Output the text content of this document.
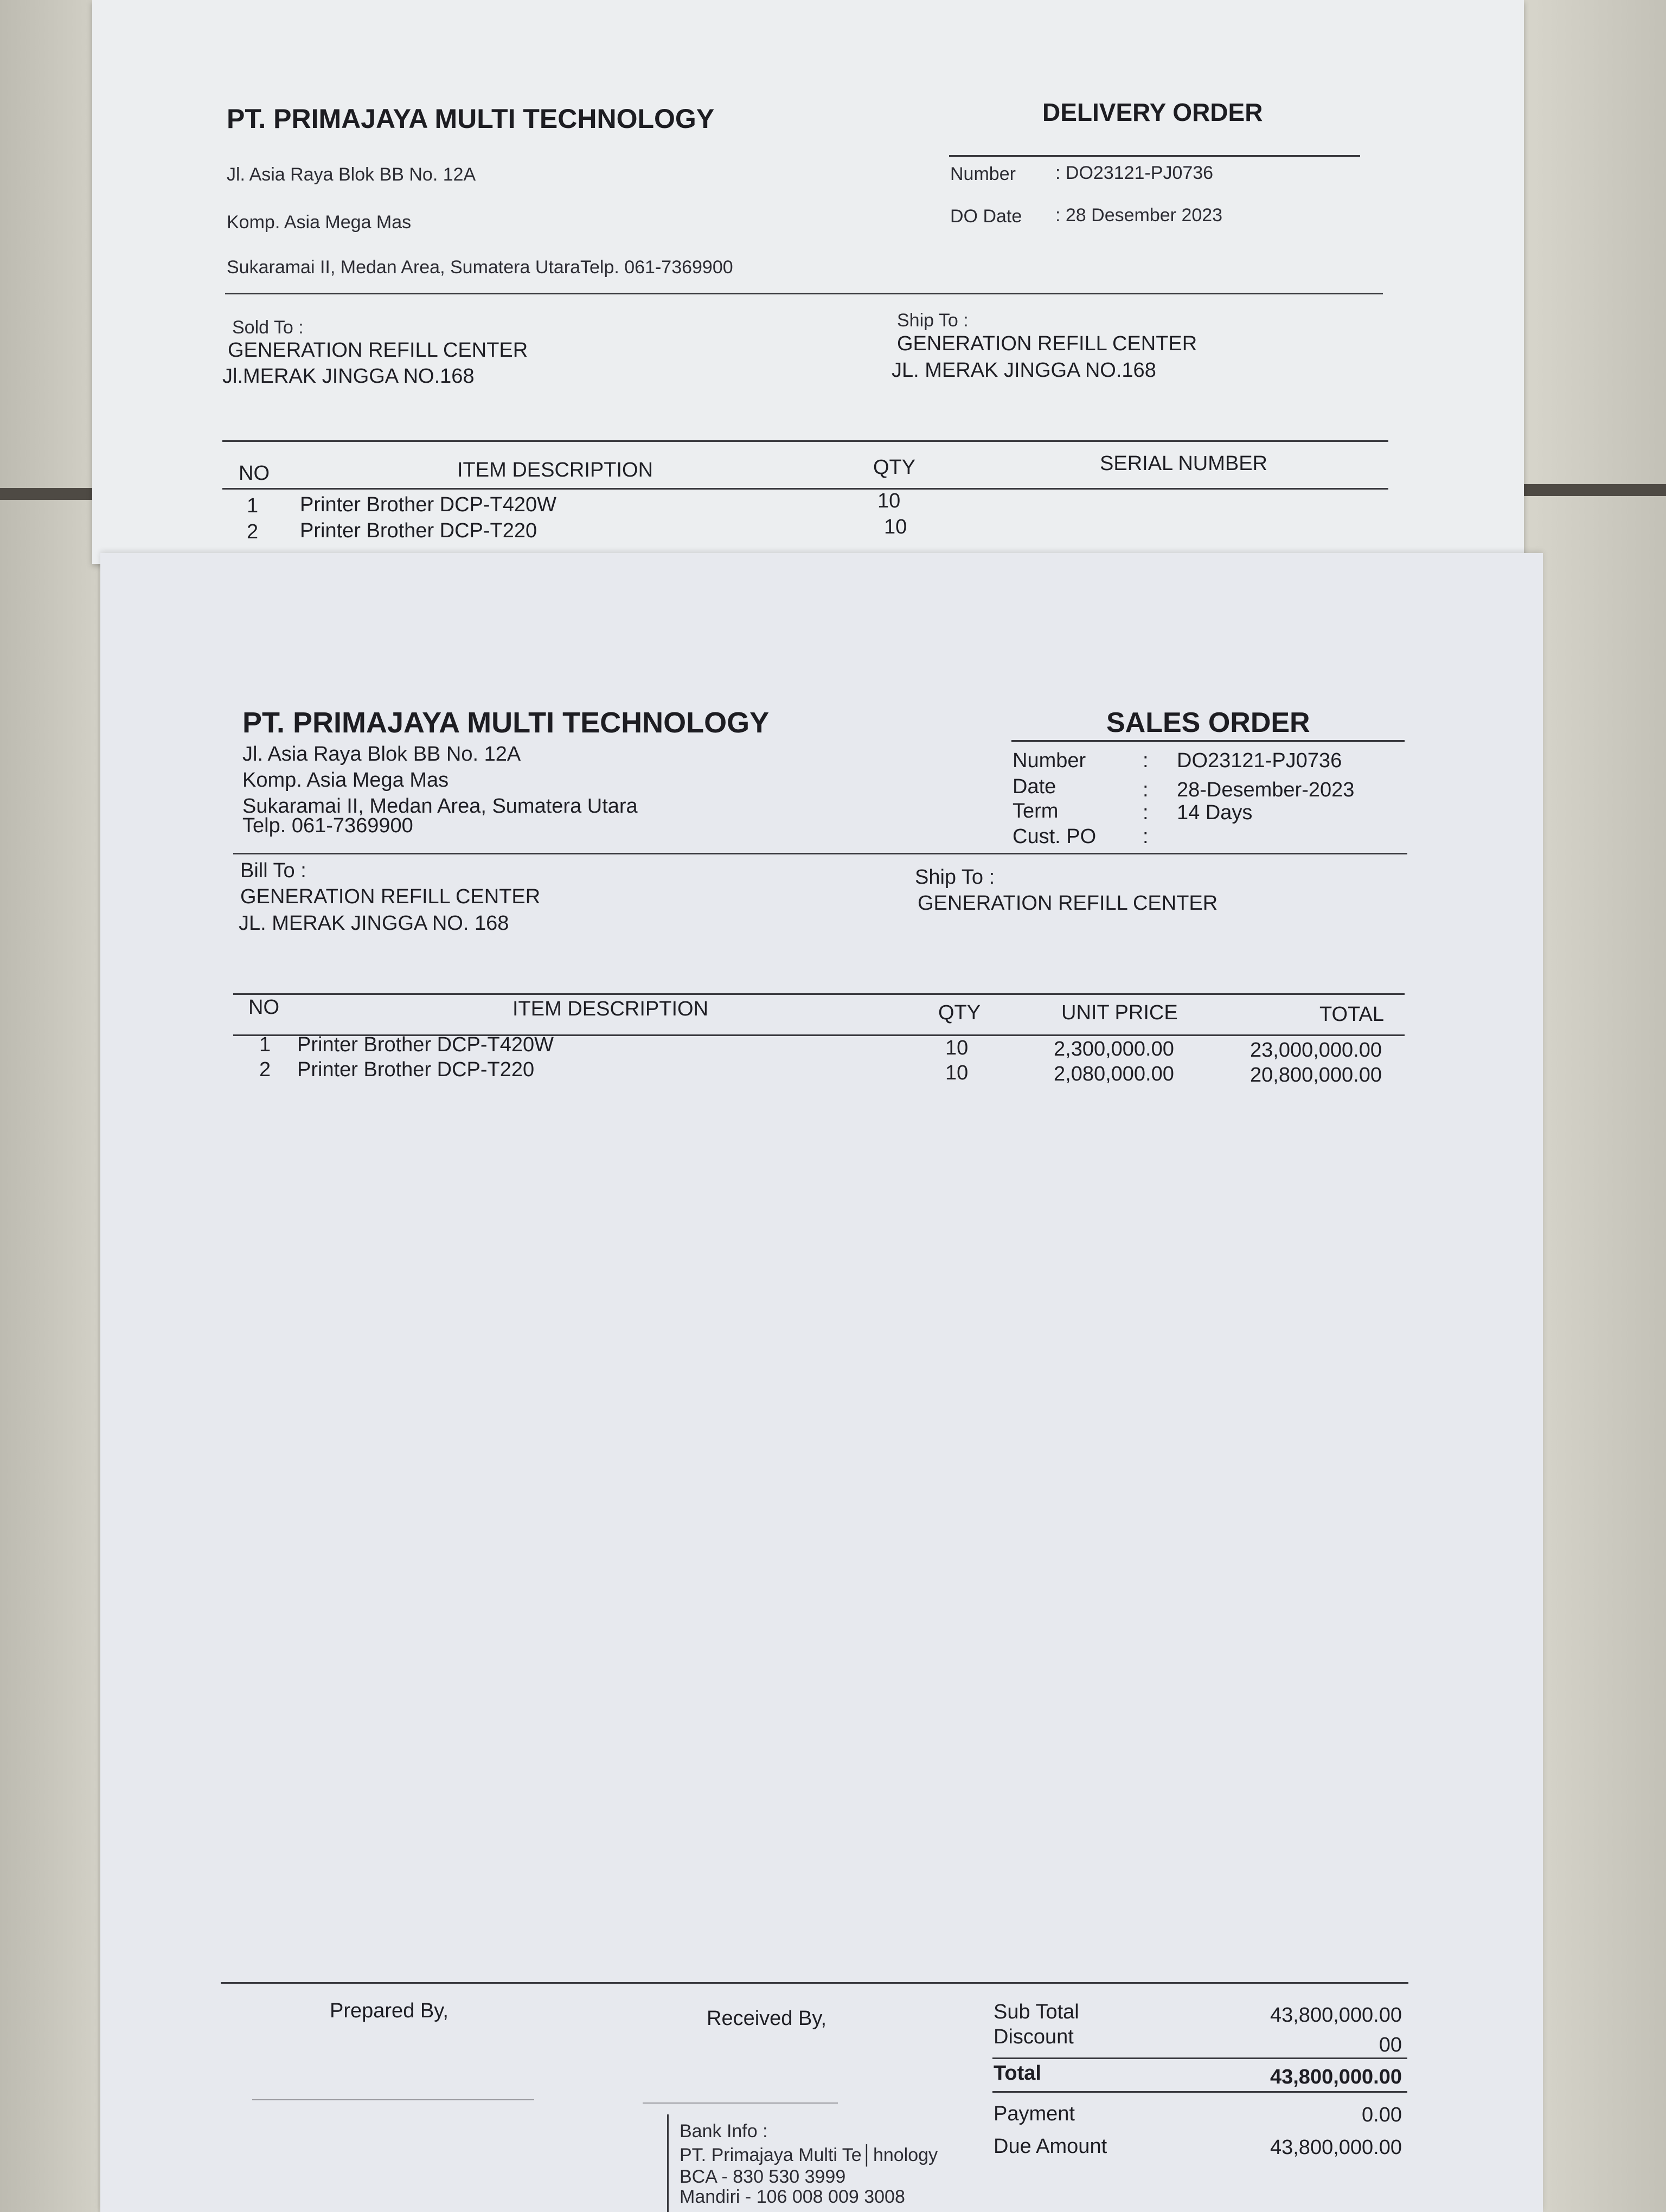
PT. PRIMAJAYA MULTI TECHNOLOGY	DELIVERY ORDER
Jl. Asia Raya Blok BB No. 12A
Komp. Asia Mega Mas
Sukaramai II, Medan Area, Sumatera UtaraTelp. 061-7369900
Number : DO23121-PJ0736
DO Date : 28 Desember 2023
Sold To :
GENERATION REFILL CENTER
Jl.MERAK JINGGA NO.168
Ship To :
GENERATION REFILL CENTER
JL. MERAK JINGGA NO.168
NO	ITEM DESCRIPTION	QTY	SERIAL NUMBER
1 Printer Brother DCP-T420W	10
2 Printer Brother DCP-T220	10
PT. PRIMAJAYA MULTI TECHNOLOGY	SALES ORDER
Jl. Asia Raya Blok BB No. 12A
Komp. Asia Mega Mas
Sukaramai II, Medan Area, Sumatera Utara
Telp. 061-7369900
Number	: DO23121-PJ0736
Date	: 28-Desember-2023
Term	: 14 Days
Cust. PO :
Bill To :
GENERATION REFILL CENTER
JL. MERAK JINGGA NO. 168
Ship To :
GENERATION REFILL CENTER
NO	ITEM DESCRIPTION	QTY	UNIT PRICE	TOTAL
1 Printer Brother DCP-T420W	10	2,300,000.00	23,000,000.00
2 Printer Brother DCP-T220	10	2,080,000.00	20,800,000.00
Prepared By,	Received By,	Sub Total	43,800,000.00
Discount	00
Total	43,800,000.00
Payment	0.00
Due Amount	43,800,000.00
Bank Info :
PT. Primajaya Multi Te│hnology
BCA - 830 530 3999
Mandiri - 106 008 009 3008
